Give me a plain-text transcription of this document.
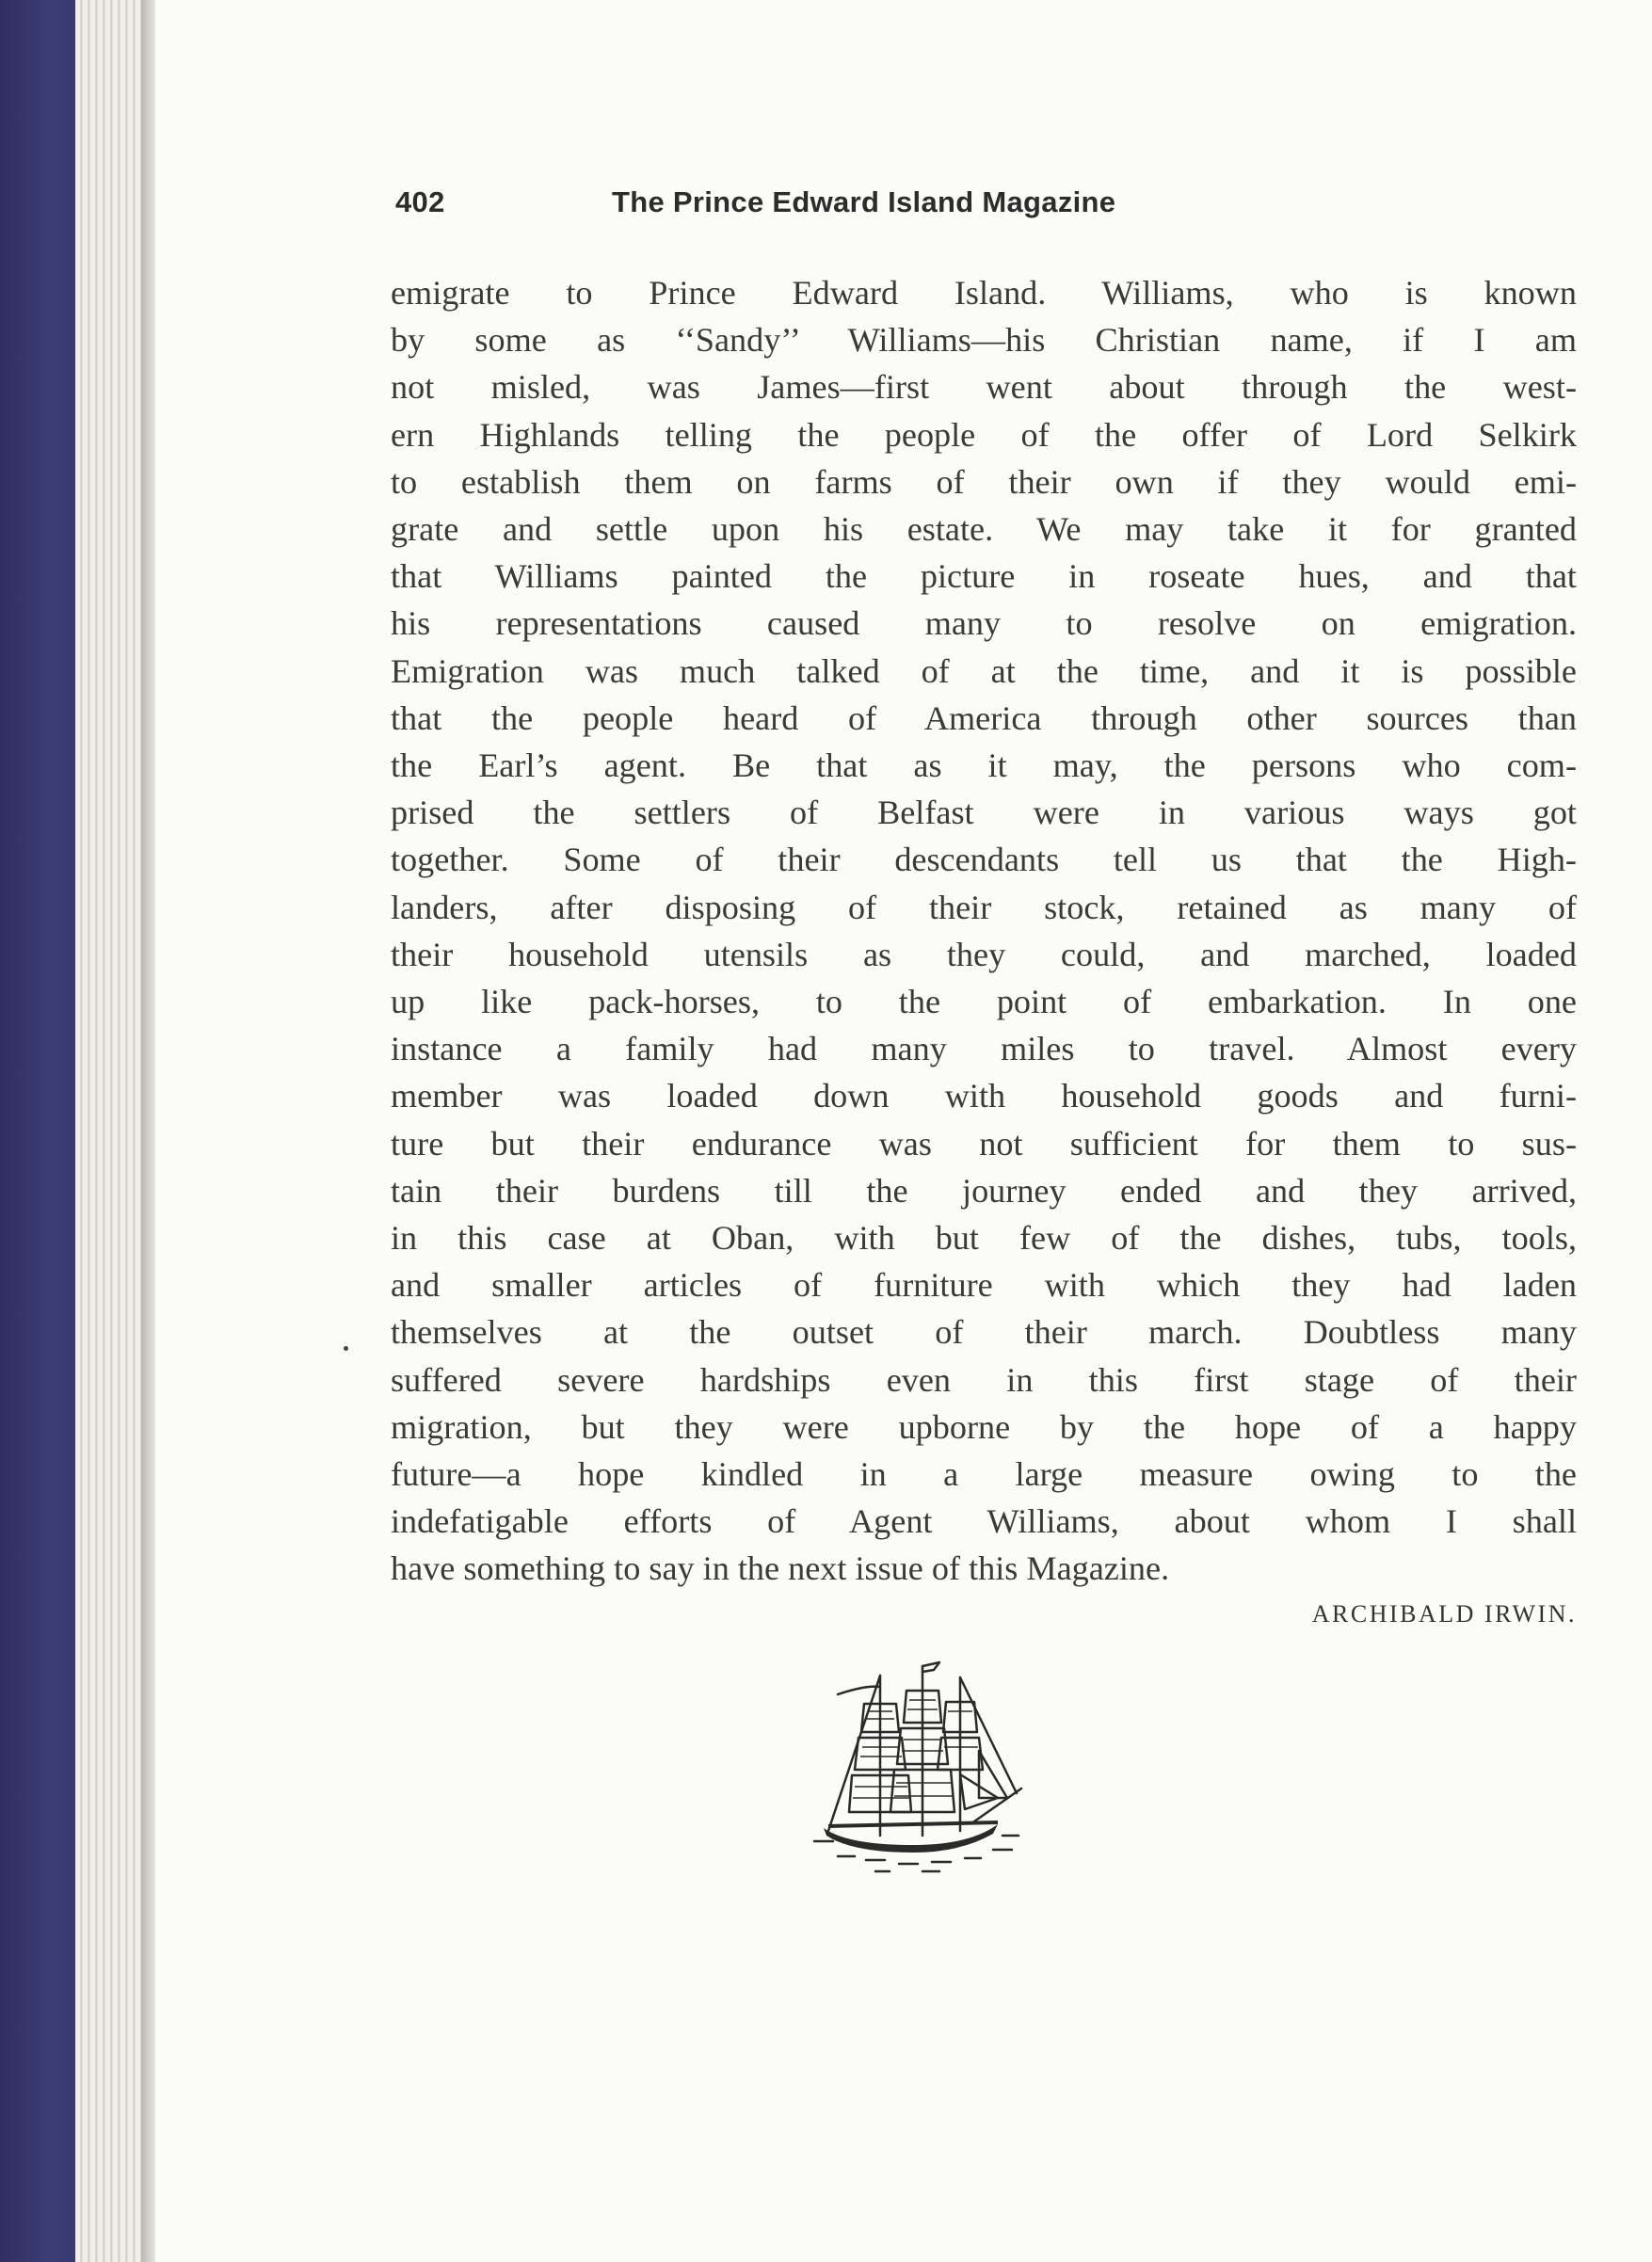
402	The Prince Edward Island Magazine
emigrate to Prince Edward Island. Williams, who is known
by some as ‘‘Sandy’’ Williams—his Christian name, if I am
not misled, was James—first went about through the west-
ern Highlands telling the people of the offer of Lord Selkirk
to establish them on farms of their own if they would emi-
grate and settle upon his estate. We may take it for granted
that Williams painted the picture in roseate hues, and that
his representations caused many to resolve on emigration.
Emigration was much talked of at the time, and it is possible
that the people heard of America through other sources than
the Earl’s agent. Be that as it may, the persons who com-
prised the settlers of Belfast were in various ways got
together. Some of their descendants tell us that the High-
landers, after disposing of their stock, retained as many of
their household utensils as they could, and marched, loaded
up like pack-horses, to the point of embarkation. In one
instance a family had many miles to travel. Almost every
member was loaded down with household goods and furni-
ture but their endurance was not sufficient for them to sus-
tain their burdens till the journey ended and they arrived,
in this case at Oban, with but few of the dishes, tubs, tools,
and smaller articles of furniture with which they had laden
themselves at the outset of their march. Doubtless many
suffered severe hardships even in this first stage of their
migration, but they were upborne by the hope of a happy
future—a hope kindled in a large measure owing to the
indefatigable efforts of Agent Williams, about whom I shall
have something to say in the next issue of this Magazine.
ARCHIBALD IRWIN.
